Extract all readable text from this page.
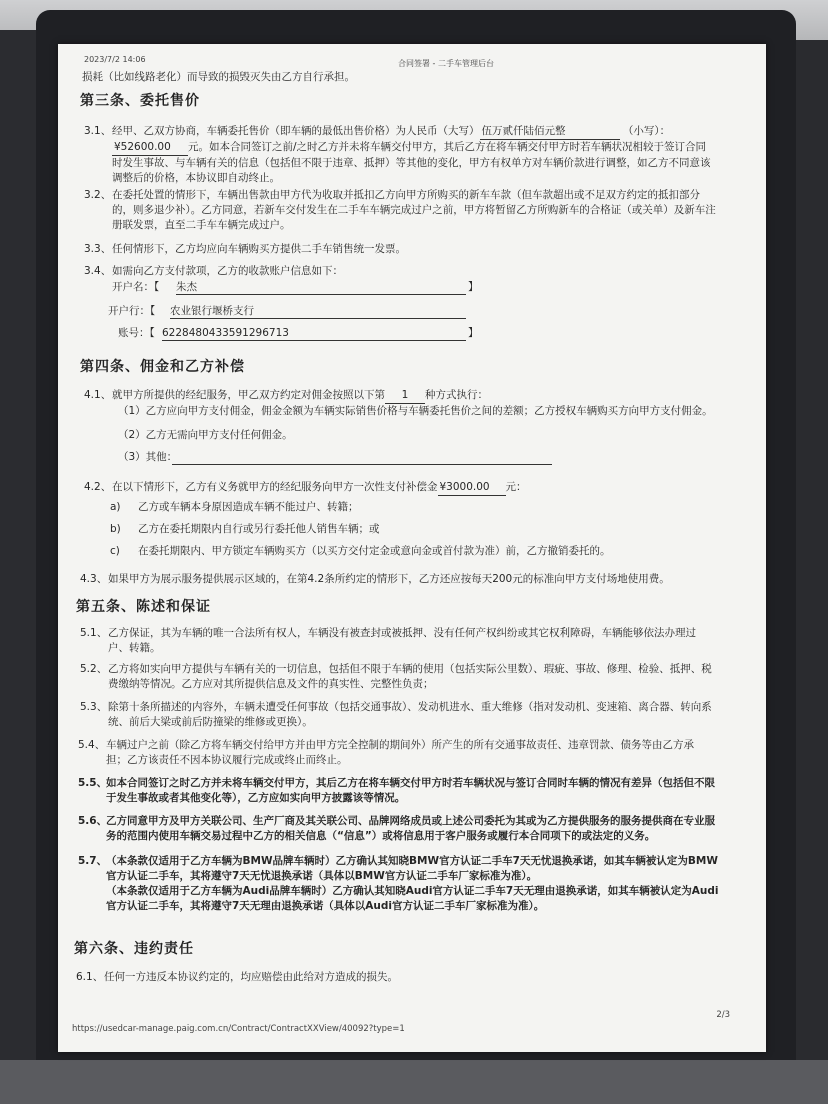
2023/7/2 14:06	合同签署 - 二手车管理后台
损耗（比如线路老化）而导致的损毁灭失由乙方自行承担。
第三条、委托售价
3.1、 经甲、乙双方协商，车辆委托售价（即车辆的最低出售价格）为人民币（大写） 伍万贰仟陆佰元整	（小写）：
¥52600.00 元。如本合同签订之前/之时乙方并未将车辆交付甲方，其后乙方在将车辆交付甲方时若车辆状况相较于签订合同时发生事故、与车辆有关的信息（包括但不限于违章、抵押）等其他的变化，甲方有权单方对车辆价款进行调整，如乙方不同意该调整后的价格，本协议即自动终止。
3.2、 在委托处置的情形下，车辆出售款由甲方代为收取并抵扣乙方向甲方所购买的新车车款（但车款超出或不足双方约定的抵扣部分的，则多退少补）。乙方同意，若新车交付发生在二手车车辆完成过户之前，甲方将暂留乙方所购新车的合格证（或关单）及新车注册联发票，直至二手车车辆完成过户。
3.3、 任何情形下，乙方均应向车辆购买方提供二手车销售统一发票。
3.4、 如需向乙方支付款项，乙方的收款账户信息如下：
开户名：【 朱杰	】
开户行：【 农业银行堰桥支行
账号：【 6228480433591296713	】
第四条、佣金和乙方补偿
4.1、 就甲方所提供的经纪服务，甲乙双方约定对佣金按照以下第 1 种方式执行：
（1）乙方应向甲方支付佣金，佣金金额为车辆实际销售价格与车辆委托售价之间的差额；乙方授权车辆购买方向甲方支付佣金。
（2）乙方无需向甲方支付任何佣金。
（3）其他：
4.2、 在以下情形下，乙方有义务就甲方的经纪服务向甲方一次性支付补偿金 ¥3000.00 元：
a) 乙方或车辆本身原因造成车辆不能过户、转籍；
b) 乙方在委托期限内自行或另行委托他人销售车辆；或
c) 在委托期限内、甲方锁定车辆购买方（以买方交付定金或意向金或首付款为准）前，乙方撤销委托的。
4.3、 如果甲方为展示服务提供展示区域的，在第4.2条所约定的情形下，乙方还应按每天200元的标准向甲方支付场地使用费。
第五条、陈述和保证
5.1、 乙方保证，其为车辆的唯一合法所有权人，车辆没有被查封或被抵押、没有任何产权纠纷或其它权利障碍，车辆能够依法办理过户、转籍。
5.2、 乙方将如实向甲方提供与车辆有关的一切信息，包括但不限于车辆的使用（包括实际公里数）、瑕疵、事故、修理、检验、抵押、税费缴纳等情况。乙方应对其所提供信息及文件的真实性、完整性负责；
5.3、 除第十条所描述的内容外，车辆未遭受任何事故（包括交通事故）、发动机进水、重大维修（指对发动机、变速箱、离合器、转向系统、前后大梁或前后防撞梁的维修或更换）。
5.4、 车辆过户之前（除乙方将车辆交付给甲方并由甲方完全控制的期间外）所产生的所有交通事故责任、违章罚款、债务等由乙方承担；乙方该责任不因本协议履行完成或终止而终止。
5.5、
如本合同签订之时乙方并未将车辆交付甲方，其后乙方在将车辆交付甲方时若车辆状况与签订合同时车辆的情况有差异（包括但不限于发生事故或者其他变化等），乙方应如实向甲方披露该等情况。
5.6、
乙方同意甲方及甲方关联公司、生产厂商及其关联公司、品牌网络成员或上述公司委托为其或为乙方提供服务的服务提供商在专业服务的范围内使用车辆交易过程中乙方的相关信息（“信息”）或将信息用于客户服务或履行本合同项下的或法定的义务。
5.7、
（本条款仅适用于乙方车辆为BMW品牌车辆时）乙方确认其知晓BMW官方认证二手车7天无忧退换承诺，如其车辆被认定为BMW官方认证二手车，其将遵守7天无忧退换承诺（具体以BMW官方认证二手车厂家标准为准）。
（本条款仅适用于乙方车辆为Audi品牌车辆时）乙方确认其知晓Audi官方认证二手车7天无理由退换承诺，如其车辆被认定为Audi官方认证二手车，其将遵守7天无理由退换承诺（具体以Audi官方认证二手车厂家标准为准）。
第六条、违约责任
6.1、 任何一方违反本协议约定的，均应赔偿由此给对方造成的损失。
2/3
https://usedcar-manage.paig.com.cn/Contract/ContractXXView/40092?type=1
